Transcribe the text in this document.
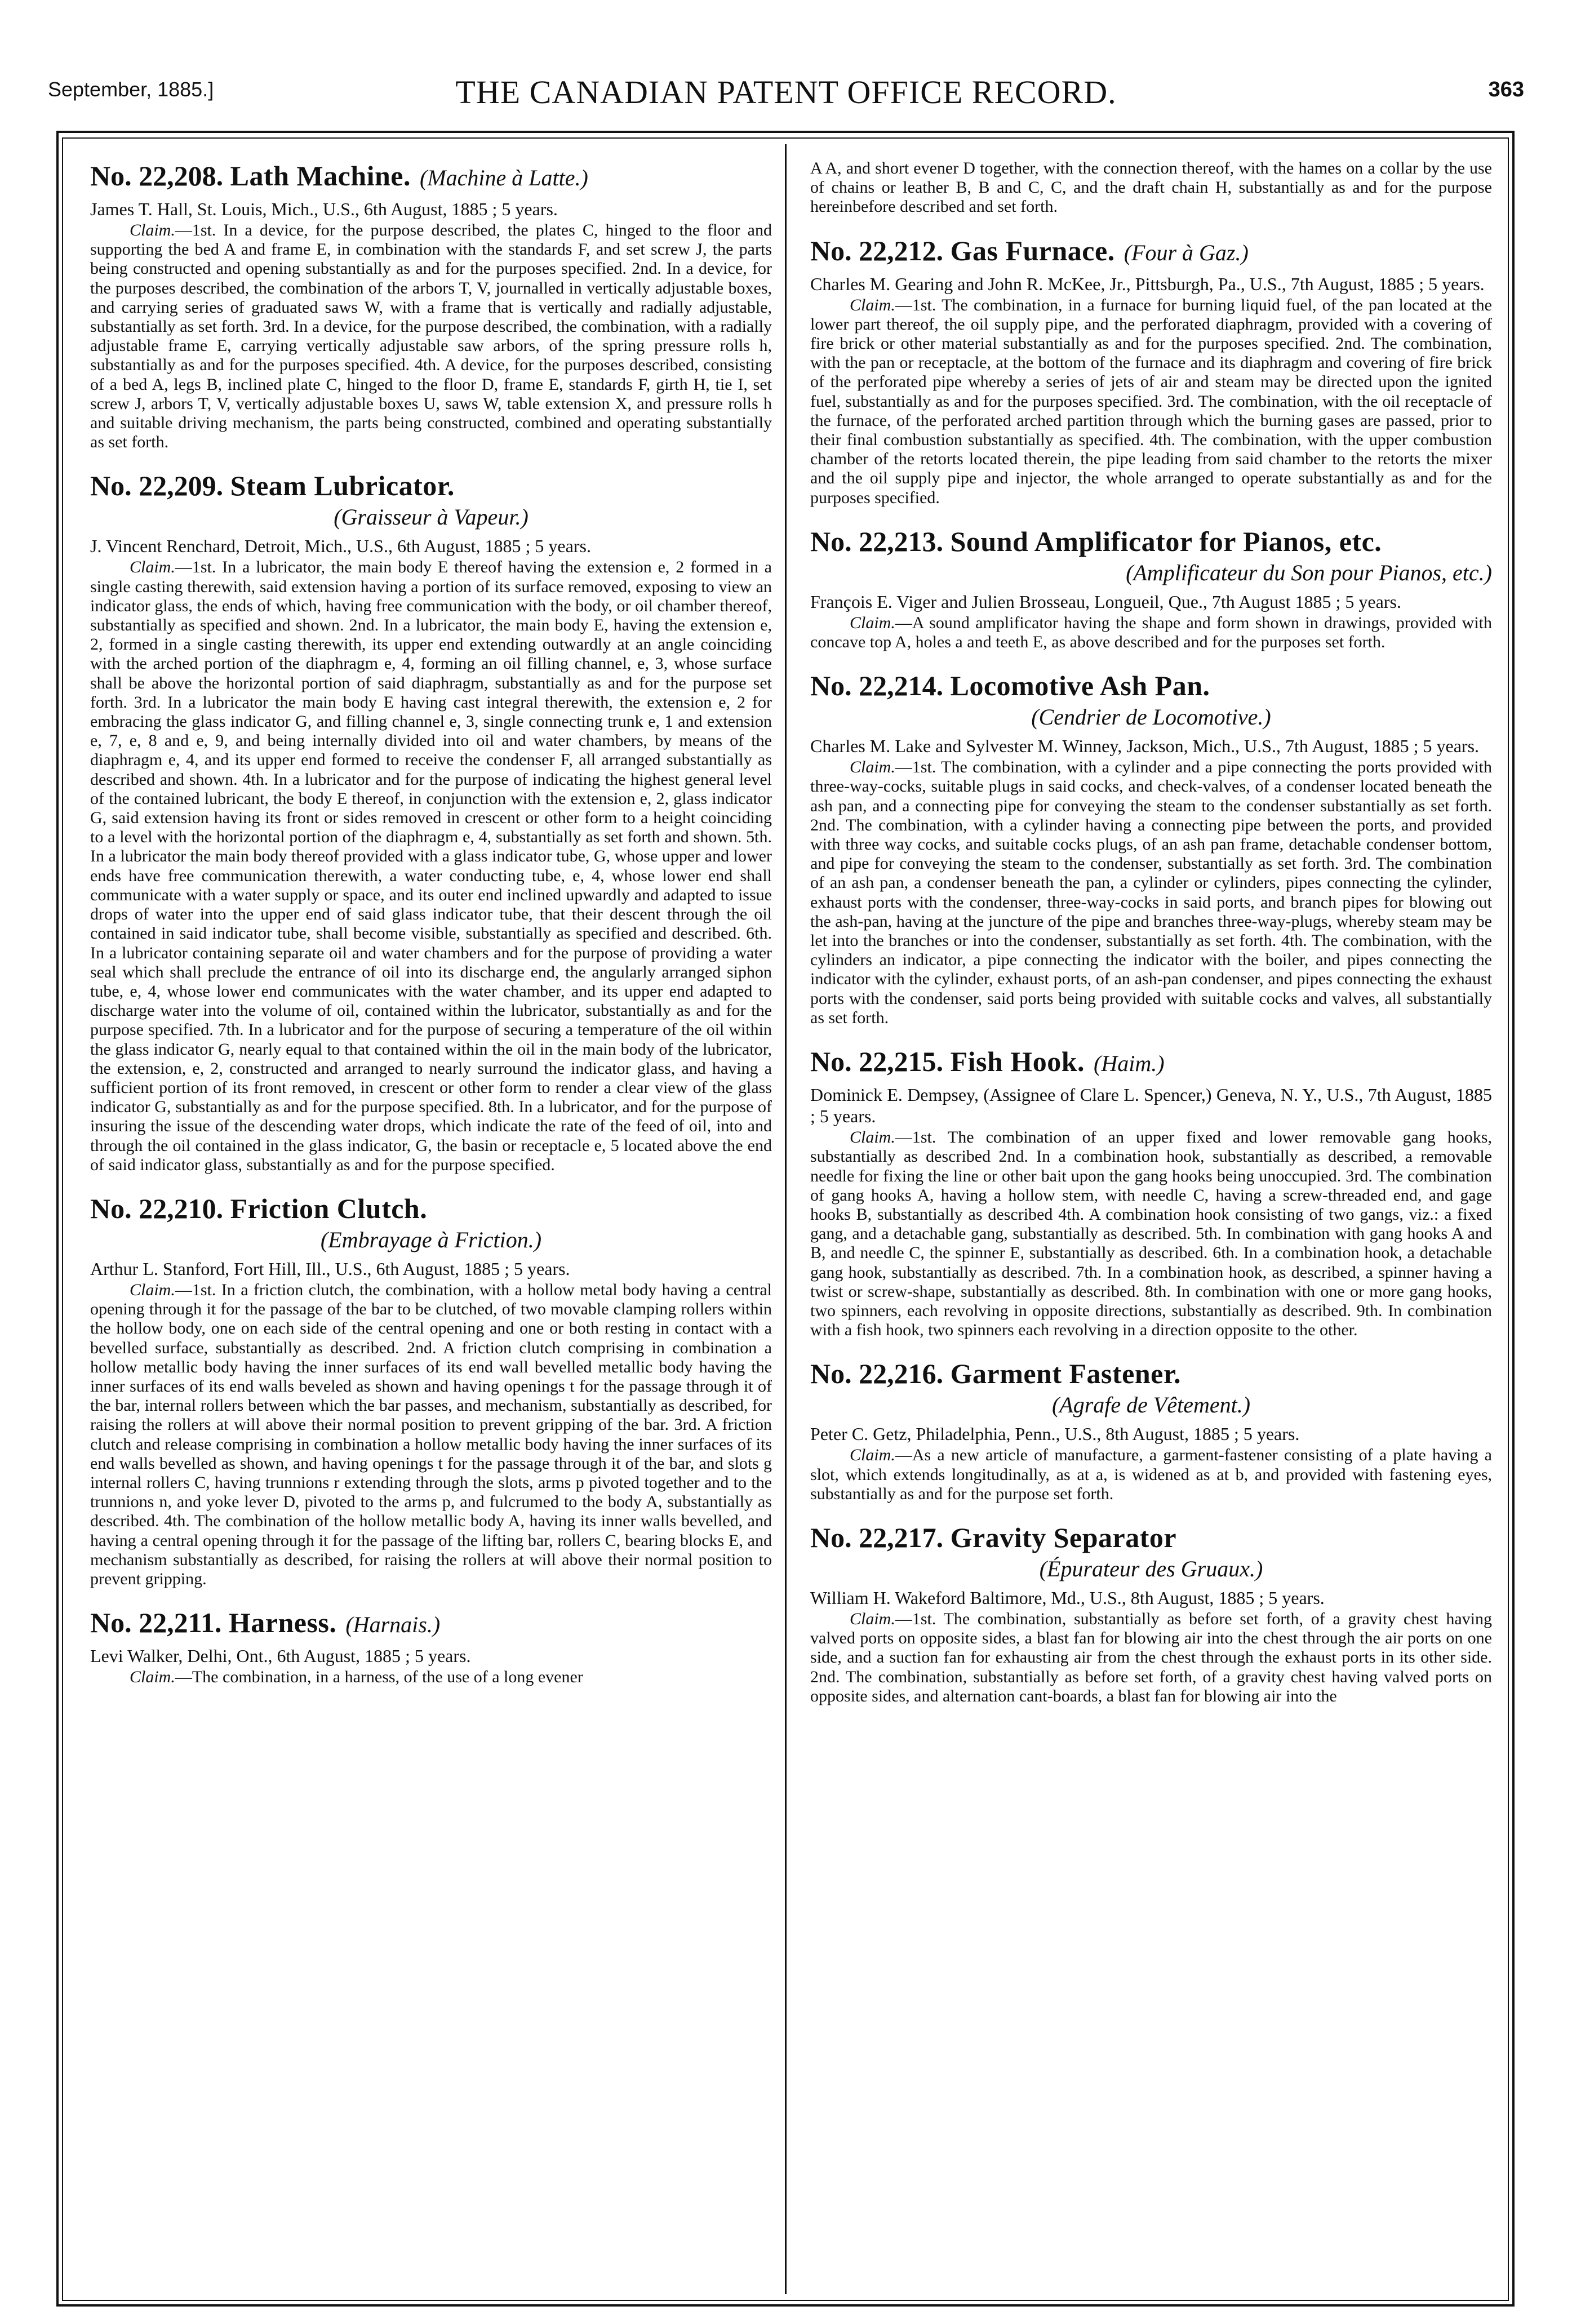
September, 1885.]	THE CANADIAN PATENT OFFICE RECORD.	363

No. 22,208. Lath Machine. (Machine à Latte.)

James T. Hall, St. Louis, Mich., U.S., 6th August, 1885 ; 5 years.

Claim.—1st. In a device, for the purpose described, the plates C, hinged to the floor and supporting the bed A and frame E, in combination with the standards F, and set screw J, the parts being constructed and opening substantially as and for the purposes specified. 2nd. In a device, for the purposes described, the combination of the arbors T, V, journalled in vertically adjustable boxes, and carrying series of graduated saws W, with a frame that is vertically and radially adjustable, substantially as set forth. 3rd. In a device, for the purpose described, the combination, with a radially adjustable frame E, carrying vertically adjustable saw arbors, of the spring pressure rolls h, substantially as and for the purposes specified. 4th. A device, for the purposes described, consisting of a bed A, legs B, inclined plate C, hinged to the floor D, frame E, standards F, girth H, tie I, set screw J, arbors T, V, vertically adjustable boxes U, saws W, table extension X, and pressure rolls h and suitable driving mechanism, the parts being constructed, combined and operating substantially as set forth.

No. 22,209. Steam Lubricator.

(Graisseur à Vapeur.)

J. Vincent Renchard, Detroit, Mich., U.S., 6th August, 1885 ; 5 years.

Claim.—1st. In a lubricator, the main body E thereof having the extension e, 2 formed in a single casting therewith, said extension having a portion of its surface removed, exposing to view an indicator glass, the ends of which, having free communication with the body, or oil chamber thereof, substantially as specified and shown. 2nd. In a lubricator, the main body E, having the extension e, 2, formed in a single casting therewith, its upper end extending outwardly at an angle coinciding with the arched portion of the diaphragm e, 4, forming an oil filling channel, e, 3, whose surface shall be above the horizontal portion of said diaphragm, substantially as and for the purpose set forth. 3rd. In a lubricator the main body E having cast integral therewith, the extension e, 2 for embracing the glass indicator G, and filling channel e, 3, single connecting trunk e, 1 and extension e, 7, e, 8 and e, 9, and being internally divided into oil and water chambers, by means of the diaphragm e, 4, and its upper end formed to receive the condenser F, all arranged substantially as described and shown. 4th. In a lubricator and for the purpose of indicating the highest general level of the contained lubricant, the body E thereof, in conjunction with the extension e, 2, glass indicator G, said extension having its front or sides removed in crescent or other form to a height coinciding to a level with the horizontal portion of the diaphragm e, 4, substantially as set forth and shown. 5th. In a lubricator the main body thereof provided with a glass indicator tube, G, whose upper and lower ends have free communication therewith, a water conducting tube, e, 4, whose lower end shall communicate with a water supply or space, and its outer end inclined upwardly and adapted to issue drops of water into the upper end of said glass indicator tube, that their descent through the oil contained in said indicator tube, shall become visible, substantially as specified and described. 6th. In a lubricator containing separate oil and water chambers and for the purpose of providing a water seal which shall preclude the entrance of oil into its discharge end, the angularly arranged siphon tube, e, 4, whose lower end communicates with the water chamber, and its upper end adapted to discharge water into the volume of oil, contained within the lubricator, substantially as and for the purpose specified. 7th. In a lubricator and for the purpose of securing a temperature of the oil within the glass indicator G, nearly equal to that contained within the oil in the main body of the lubricator, the extension, e, 2, constructed and arranged to nearly surround the indicator glass, and having a sufficient portion of its front removed, in crescent or other form to render a clear view of the glass indicator G, substantially as and for the purpose specified. 8th. In a lubricator, and for the purpose of insuring the issue of the descending water drops, which indicate the rate of the feed of oil, into and through the oil contained in the glass indicator, G, the basin or receptacle e, 5 located above the end of said indicator glass, substantially as and for the purpose specified.

No. 22,210. Friction Clutch.

(Embrayage à Friction.)

Arthur L. Stanford, Fort Hill, Ill., U.S., 6th August, 1885 ; 5 years.

Claim.—1st. In a friction clutch, the combination, with a hollow metal body having a central opening through it for the passage of the bar to be clutched, of two movable clamping rollers within the hollow body, one on each side of the central opening and one or both resting in contact with a bevelled surface, substantially as described. 2nd. A friction clutch comprising in combination a hollow metallic body having the inner surfaces of its end wall bevelled metallic body having the inner surfaces of its end walls beveled as shown and having openings t for the passage through it of the bar, internal rollers between which the bar passes, and mechanism, substantially as described, for raising the rollers at will above their normal position to prevent gripping of the bar. 3rd. A friction clutch and release comprising in combination a hollow metallic body having the inner surfaces of its end walls bevelled as shown, and having openings t for the passage through it of the bar, and slots g internal rollers C, having trunnions r extending through the slots, arms p pivoted together and to the trunnions n, and yoke lever D, pivoted to the arms p, and fulcrumed to the body A, substantially as described. 4th. The combination of the hollow metallic body A, having its inner walls bevelled, and having a central opening through it for the passage of the lifting bar, rollers C, bearing blocks E, and mechanism substantially as described, for raising the rollers at will above their normal position to prevent gripping.

No. 22,211. Harness. (Harnais.)

Levi Walker, Delhi, Ont., 6th August, 1885 ; 5 years.

Claim.—The combination, in a harness, of the use of a long evener

A A, and short evener D together, with the connection thereof, with the hames on a collar by the use of chains or leather B, B and C, C, and the draft chain H, substantially as and for the purpose hereinbefore described and set forth.

No. 22,212. Gas Furnace. (Four à Gaz.)

Charles M. Gearing and John R. McKee, Jr., Pittsburgh, Pa., U.S., 7th August, 1885 ; 5 years.

Claim.—1st. The combination, in a furnace for burning liquid fuel, of the pan located at the lower part thereof, the oil supply pipe, and the perforated diaphragm, provided with a covering of fire brick or other material substantially as and for the purposes specified. 2nd. The combination, with the pan or receptacle, at the bottom of the furnace and its diaphragm and covering of fire brick of the perforated pipe whereby a series of jets of air and steam may be directed upon the ignited fuel, substantially as and for the purposes specified. 3rd. The combination, with the oil receptacle of the furnace, of the perforated arched partition through which the burning gases are passed, prior to their final combustion substantially as specified. 4th. The combination, with the upper combustion chamber of the retorts located therein, the pipe leading from said chamber to the retorts the mixer and the oil supply pipe and injector, the whole arranged to operate substantially as and for the purposes specified.

No. 22,213. Sound Amplificator for Pianos, etc.

(Amplificateur du Son pour Pianos, etc.)

François E. Viger and Julien Brosseau, Longueil, Que., 7th August 1885 ; 5 years.

Claim.—A sound amplificator having the shape and form shown in drawings, provided with concave top A, holes a and teeth E, as above described and for the purposes set forth.

No. 22,214. Locomotive Ash Pan.

(Cendrier de Locomotive.)

Charles M. Lake and Sylvester M. Winney, Jackson, Mich., U.S., 7th August, 1885 ; 5 years.

Claim.—1st. The combination, with a cylinder and a pipe connecting the ports provided with three-way-cocks, suitable plugs in said cocks, and check-valves, of a condenser located beneath the ash pan, and a connecting pipe for conveying the steam to the condenser substantially as set forth. 2nd. The combination, with a cylinder having a connecting pipe between the ports, and provided with three way cocks, and suitable cocks plugs, of an ash pan frame, detachable condenser bottom, and pipe for conveying the steam to the condenser, substantially as set forth. 3rd. The combination of an ash pan, a condenser beneath the pan, a cylinder or cylinders, pipes connecting the cylinder, exhaust ports with the condenser, three-way-cocks in said ports, and branch pipes for blowing out the ash-pan, having at the juncture of the pipe and branches three-way-plugs, whereby steam may be let into the branches or into the condenser, substantially as set forth. 4th. The combination, with the cylinders an indicator, a pipe connecting the indicator with the boiler, and pipes connecting the indicator with the cylinder, exhaust ports, of an ash-pan condenser, and pipes connecting the exhaust ports with the condenser, said ports being provided with suitable cocks and valves, all substantially as set forth.

No. 22,215. Fish Hook. (Haim.)

Dominick E. Dempsey, (Assignee of Clare L. Spencer,) Geneva, N. Y., U.S., 7th August, 1885 ; 5 years.

Claim.—1st. The combination of an upper fixed and lower removable gang hooks, substantially as described 2nd. In a combination hook, substantially as described, a removable needle for fixing the line or other bait upon the gang hooks being unoccupied. 3rd. The combination of gang hooks A, having a hollow stem, with needle C, having a screw-threaded end, and gage hooks B, substantially as described 4th. A combination hook consisting of two gangs, viz.: a fixed gang, and a detachable gang, substantially as described. 5th. In combination with gang hooks A and B, and needle C, the spinner E, substantially as described. 6th. In a combination hook, a detachable gang hook, substantially as described. 7th. In a combination hook, as described, a spinner having a twist or screw-shape, substantially as described. 8th. In combination with one or more gang hooks, two spinners, each revolving in opposite directions, substantially as described. 9th. In combination with a fish hook, two spinners each revolving in a direction opposite to the other.

No. 22,216. Garment Fastener.

(Agrafe de Vêtement.)

Peter C. Getz, Philadelphia, Penn., U.S., 8th August, 1885 ; 5 years.

Claim.—As a new article of manufacture, a garment-fastener consisting of a plate having a slot, which extends longitudinally, as at a, is widened as at b, and provided with fastening eyes, substantially as and for the purpose set forth.

No. 22,217. Gravity Separator

(Épurateur des Gruaux.)

William H. Wakeford Baltimore, Md., U.S., 8th August, 1885 ; 5 years.

Claim.—1st. The combination, substantially as before set forth, of a gravity chest having valved ports on opposite sides, a blast fan for blowing air into the chest through the air ports on one side, and a suction fan for exhausting air from the chest through the exhaust ports in its other side. 2nd. The combination, substantially as before set forth, of a gravity chest having valved ports on opposite sides, and alternation cant-boards, a blast fan for blowing air into the
